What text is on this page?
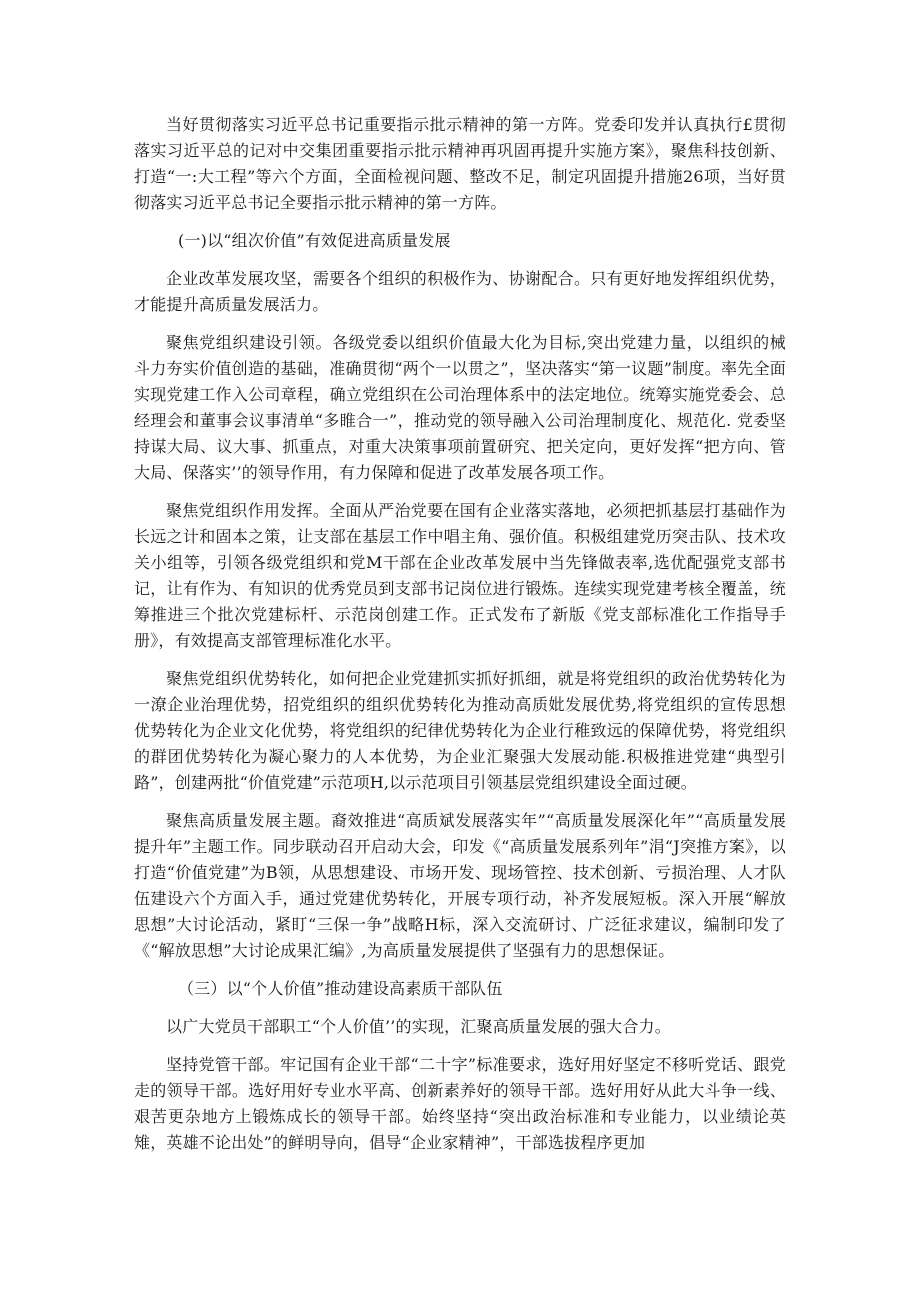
当好贯彻落实习近平总书记重要指示批示精神的第一方阵。党委印发并认真执行£贯彻落实习近平总的记对中交集团重要指示批示精神再巩固再提升实施方案》，聚焦科技创新、打造“一:大工程”等六个方面，全面检视问题、整改不足，制定巩固提升措施26项，当好贯彻落实习近平总书记全要指示批示精神的第一方阵。

(一)以“组次价值”有效促进高质量发展

企业改革发展攻坚，需要各个组织的积极作为、协谢配合。只有更好地发挥组织优势，才能提升高质量发展活力。

聚焦党组织建设引领。各级党委以组织价值最大化为目标,突出党建力量，以组织的械斗力夯实价值创造的基础，准确贯彻“两个一以贯之”，坚决落实“第一议题”制度。率先全面实现党建工作入公司章程，确立党组织在公司治理体系中的法定地位。统筹实施党委会、总经理会和董事会议事清单“多睢合一”，推动党的领导融入公司治理制度化、规范化. 党委坚持谋大局、议大事、抓重点，对重大决策事项前置研究、把关定向，更好发挥“把方向、管大局、保落实’’的领导作用，有力保障和促进了改革发展各项工作。

聚焦党组织作用发挥。全面从严治党要在国有企业落实落地，必须把抓基层打基础作为长远之计和固本之策，让支部在基层工作中唱主角、强价值。积极组建党历突击队、技术攻关小组等，引领各级党组织和党M干部在企业改革发展中当先锋做表率,选优配强党支部书记，让有作为、有知识的优秀党员到支部书记岗位进行锻炼。连续实现党建考核全覆盖，统筹推进三个批次党建标杆、示范岗创建工作。正式发布了新版《党支部标准化工作指导手册》，有效提高支部管理标准化水平。

聚焦党组织优势转化，如何把企业党建抓实抓好抓细，就是将党组织的政治优势转化为一潦企业治理优势，招党组织的组织优势转化为推动高质妣发展优势,将党组织的宣传思想优势转化为企业文化优势，将党组织的纪律优势转化为企业行稚致远的保障优势，将党组织的群团优势转化为凝心聚力的人本优势，为企业汇聚强大发展动能.积极推进党建“典型引路”，创建两批“价值党建”示范项H,以示范项目引领基层党组织建设全面过硬。

聚焦高质量发展主题。裔效推进“高质斌发展落实年”“高质量发展深化年”“高质量发展提升年”主题工作。同步联动召开启动大会，印发《“高质量发展系列年”涓“J突推方案》，以打造“价值党建”为B领，从思想建设、市场开发、现场管控、技术创新、亏损治理、人才队伍建设六个方面入手，通过党建优势转化，开展专项行动，补齐发展短板。深入开展“解放思想”大讨论活动，紧盯“三保一争”战略H标，深入交流研讨、广泛征求建议，编制印发了《“解放思想”大讨论成果汇编》,为高质量发展提供了坚强有力的思想保证。

（三）以“个人价值”推动建设高素质干部队伍

以广大党员干部职工“个人价值’’的实现，汇聚高质量发展的强大合力。

坚持党管干部。牢记国有企业干部“二十字”标准要求，选好用好坚定不移听党话、跟党走的领导干部。选好用好专业水平高、创新素养好的领导干部。选好用好从此大斗争一线、艰苦更杂地方上锻炼成长的领导干部。始终坚持“突出政治标准和专业能力，以业绩论英雉，英雄不论出处”的鲜明导向，倡导“企业家精神”，干部选拔程序更加
